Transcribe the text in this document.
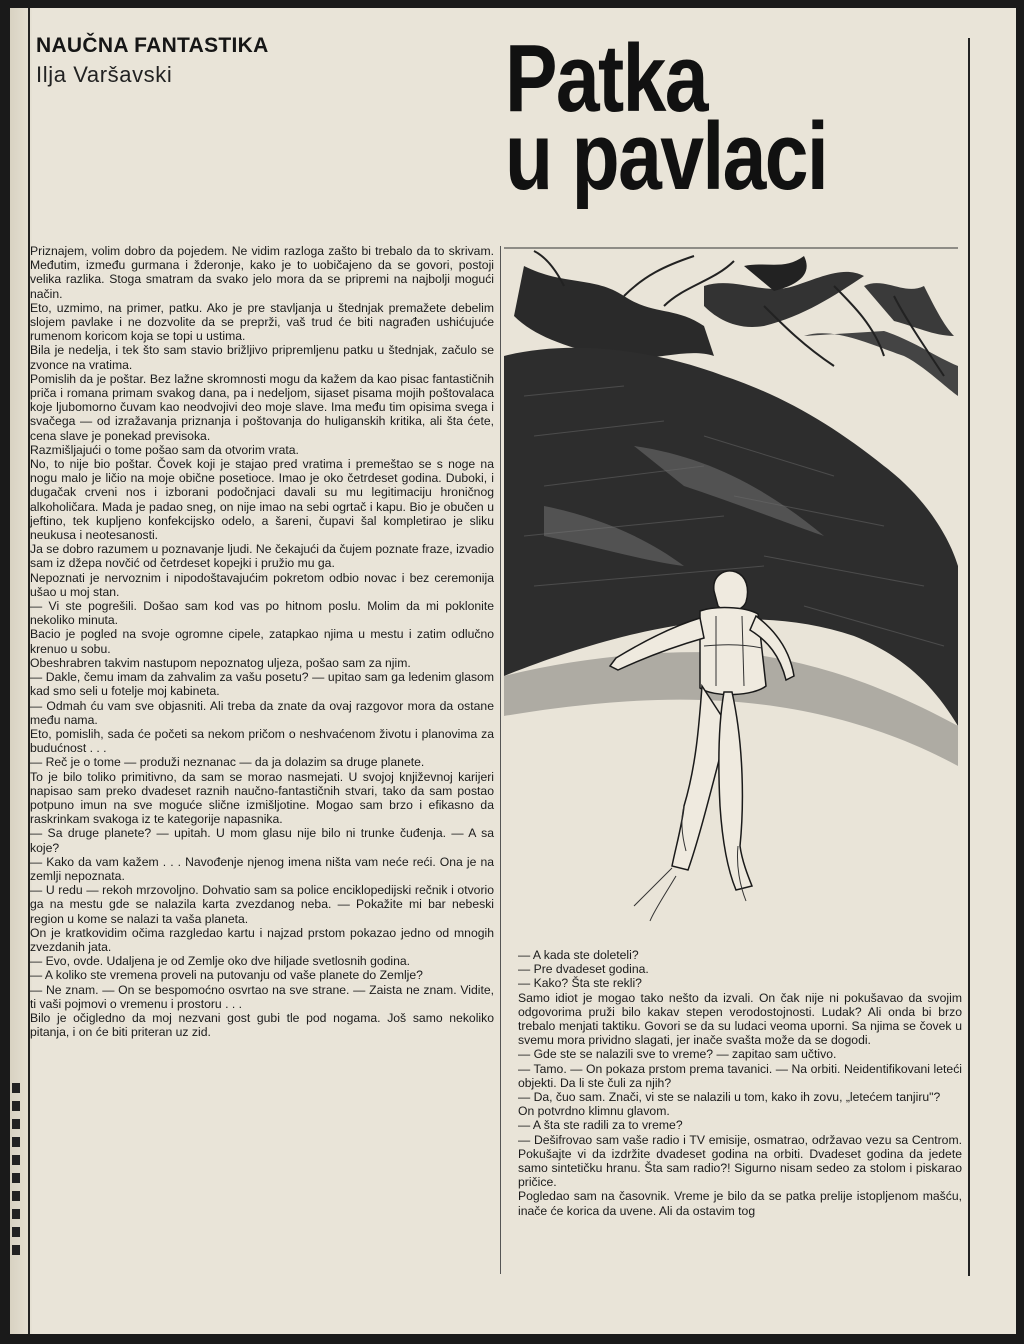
NAUČNA FANTASTIKA
Ilja Varšavski	Patka
u pavlaci

Priznajem, volim dobro da pojedem. Ne vidim razloga zašto bi trebalo da to skrivam. Međutim, između gurmana i žderonje, kako je to uobičajeno da se govori, postoji velika razlika. Stoga smatram da svako jelo mora da se pripremi na najbolji mogući način.

Eto, uzmimo, na primer, patku. Ako je pre stavljanja u štednjak premažete debelim slojem pavlake i ne dozvolite da se preprži, vaš trud će biti nagrađen ushićujuće rumenom koricom koja se topi u ustima.

Bila je nedelja, i tek što sam stavio brižljivo pripremljenu patku u štednjak, začulo se zvonce na vratima.

Pomislih da je poštar. Bez lažne skromnosti mogu da kažem da kao pisac fantastičnih priča i romana primam svakog dana, pa i nedeljom, sijaset pisama mojih poštovalaca koje ljubomorno čuvam kao neodvojivi deo moje slave. Ima među tim opisima svega i svačega — od izražavanja priznanja i poštovanja do huliganskih kritika, ali šta ćete, cena slave je ponekad previsoka.

Razmišljajući o tome pošao sam da otvorim vrata.

No, to nije bio poštar. Čovek koji je stajao pred vratima i premeštao se s noge na nogu malo je ličio na moje obične posetioce. Imao je oko četrdeset godina. Duboki, i dugačak crveni nos i izborani podočnjaci davali su mu legitimaciju hroničnog alkoholičara. Mada je padao sneg, on nije imao na sebi ogrtač i kapu. Bio je obučen u jeftino, tek kupljeno konfekcijsko odelo, a šareni, čupavi šal kompletirao je sliku neukusa i neotesanosti.

Ja se dobro razumem u poznavanje ljudi. Ne čekajući da čujem poznate fraze, izvadio sam iz džepa novčić od četrdeset kopejki i pružio mu ga.

Nepoznati je nervoznim i nipodoštavajućim pokretom odbio novac i bez ceremonija ušao u moj stan.

— Vi ste pogrešili. Došao sam kod vas po hitnom poslu. Molim da mi poklonite nekoliko minuta.

Bacio je pogled na svoje ogromne cipele, zatapkao njima u mestu i zatim odlučno krenuo u sobu.

Obeshrabren takvim nastupom nepoznatog uljeza, pošao sam za njim.

— Dakle, čemu imam da zahvalim za vašu posetu? — upitao sam ga ledenim glasom kad smo seli u fotelje moj kabineta.

— Odmah ću vam sve objasniti. Ali treba da znate da ovaj razgovor mora da ostane među nama.

Eto, pomislih, sada će početi sa nekom pričom o neshvaćenom životu i planovima za budućnost . . .

— Reč je o tome — produži neznanac — da ja dolazim sa druge planete.

To je bilo toliko primitivno, da sam se morao nasmejati. U svojoj književnoj karijeri napisao sam preko dvadeset raznih naučno-fantastičnih stvari, tako da sam postao potpuno imun na sve moguće slične izmišljotine. Mogao sam brzo i efikasno da raskrinkam svakoga iz te kategorije napasnika.

— Sa druge planete? — upitah. U mom glasu nije bilo ni trunke čuđenja. — A sa koje?

— Kako da vam kažem . . . Navođenje njenog imena ništa vam neće reći. Ona je na zemlji nepoznata.

— U redu — rekoh mrzovoljno. Dohvatio sam sa police enciklopedijski rečnik i otvorio ga na mestu gde se nalazila karta zvezdanog neba. — Pokažite mi bar nebeski region u kome se nalazi ta vaša planeta.

On je kratkovidim očima razgledao kartu i najzad prstom pokazao jedno od mnogih zvezdanih jata.

— Evo, ovde. Udaljena je od Zemlje oko dve hiljade svetlosnih godina.

— A koliko ste vremena proveli na putovanju od vaše planete do Zemlje?

— Ne znam. — On se bespomoćno osvrtao na sve strane. — Zaista ne znam. Vidite, ti vaši pojmovi o vremenu i prostoru . . .

Bilo je očigledno da moj nezvani gost gubi tle pod nogama. Još samo nekoliko pitanja, i on će biti priteran uz zid.

— A kada ste doleteli?

— Pre dvadeset godina.

— Kako? Šta ste rekli?

Samo idiot je mogao tako nešto da izvali. On čak nije ni pokušavao da svojim odgovorima pruži bilo kakav stepen verodostojnosti. Ludak? Ali onda bi brzo trebalo menjati taktiku. Govori se da su ludaci veoma uporni. Sa njima se čovek u svemu mora prividno slagati, jer inače svašta može da se dogodi.

— Gde ste se nalazili sve to vreme? — zapitao sam učtivo.

— Tamo. — On pokaza prstom prema tavanici. — Na orbiti. Neidentifikovani leteći objekti. Da li ste čuli za njih?

— Da, čuo sam. Znači, vi ste se nalazili u tom, kako ih zovu, „letećem tanjiru"?

On potvrdno klimnu glavom.

— A šta ste radili za to vreme?

— Dešifrovao sam vaše radio i TV emisije, osmatrao, održavao vezu sa Centrom. Pokušajte vi da izdržite dvadeset godina na orbiti. Dvadeset godina da jedete samo sintetičku hranu. Šta sam radio?! Sigurno nisam sedeo za stolom i piskarao pričice.

Pogledao sam na časovnik. Vreme je bilo da se patka prelije istopljenom mašću, inače će korica da uvene. Ali da ostavim tog
